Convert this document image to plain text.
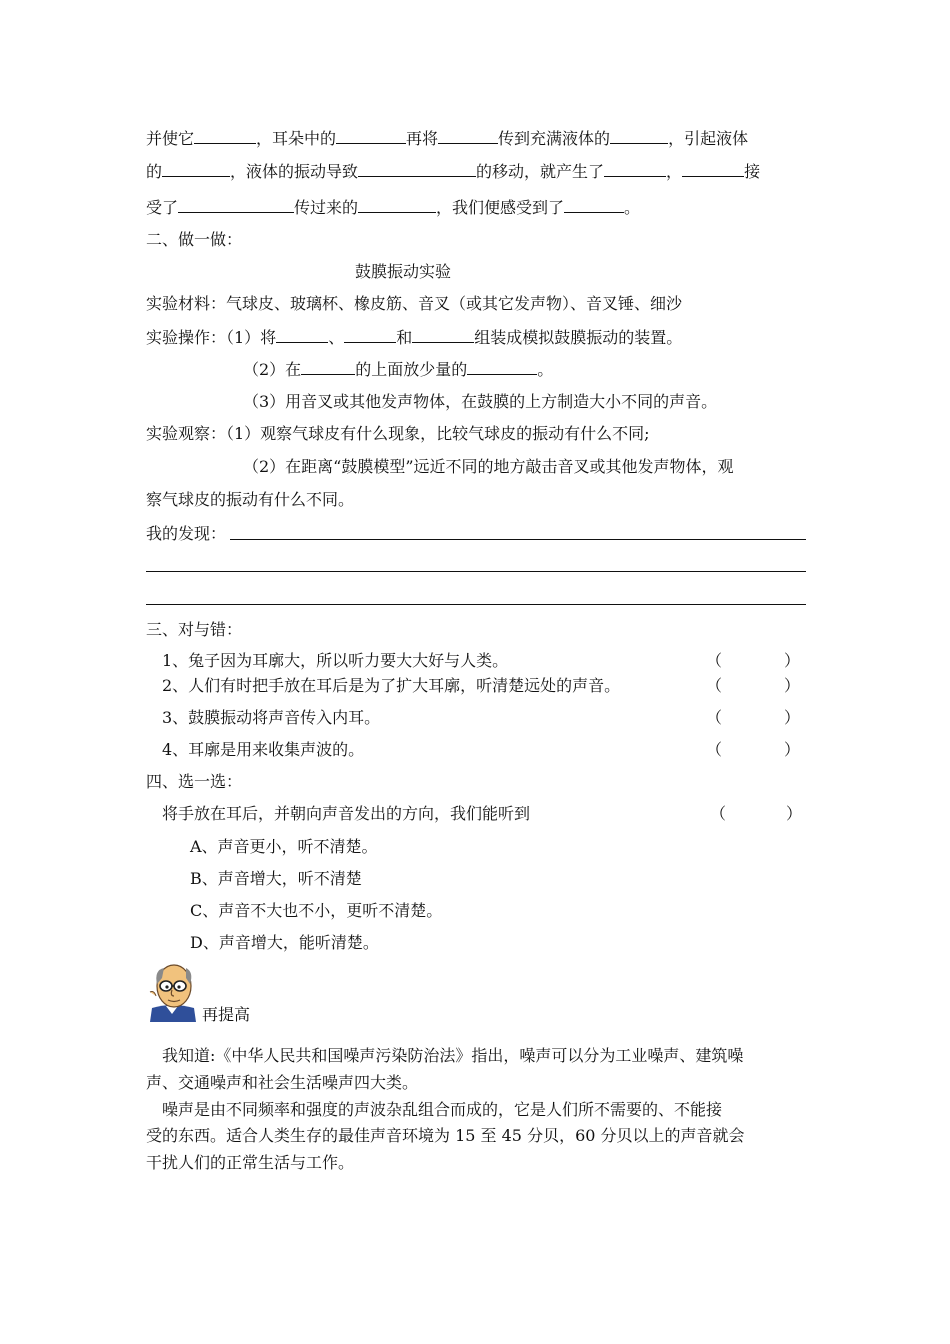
并使它	，耳朵中的	再将	传到充满液体的	，引起液体
的	，液体的振动导致	的移动，就产生了	，	接
受了	传过来的	，我们便感受到了	。
二、做一做：
鼓膜振动实验
实验材料：气球皮、玻璃杯、橡皮筋、音叉（或其它发声物）、音叉锤、细沙
实验操作：（1）将	、	和	组装成模拟鼓膜振动的装置。
（2）在	的上面放少量的	。
（3）用音叉或其他发声物体，在鼓膜的上方制造大小不同的声音。
实验观察：（1）观察气球皮有什么现象，比较气球皮的振动有什么不同;
（2）在距离“鼓膜模型”远近不同的地方敲击音叉或其他发声物体，观
察气球皮的振动有什么不同。
我的发现：
三、对与错：
1、兔子因为耳廓大，所以听力要大大好与人类。	（	）
2、人们有时把手放在耳后是为了扩大耳廓，听清楚远处的声音。	（	）
3、鼓膜振动将声音传入内耳。	（	）
4、耳廓是用来收集声波的。	（	）
四、选一选：
将手放在耳后，并朝向声音发出的方向，我们能听到	（	）
A、声音更小，听不清楚。
B、声音增大，听不清楚
C、声音不大也不小，更听不清楚。
D、声音增大，能听清楚。
再提高
我知道:《中华人民共和国噪声污染防治法》指出，噪声可以分为工业噪声、建筑噪
声、交通噪声和社会生活噪声四大类。
噪声是由不同频率和强度的声波杂乱组合而成的，它是人们所不需要的、不能接
受的东西。适合人类生存的最佳声音环境为 15 至 45 分贝，60 分贝以上的声音就会
干扰人们的正常生活与工作。
